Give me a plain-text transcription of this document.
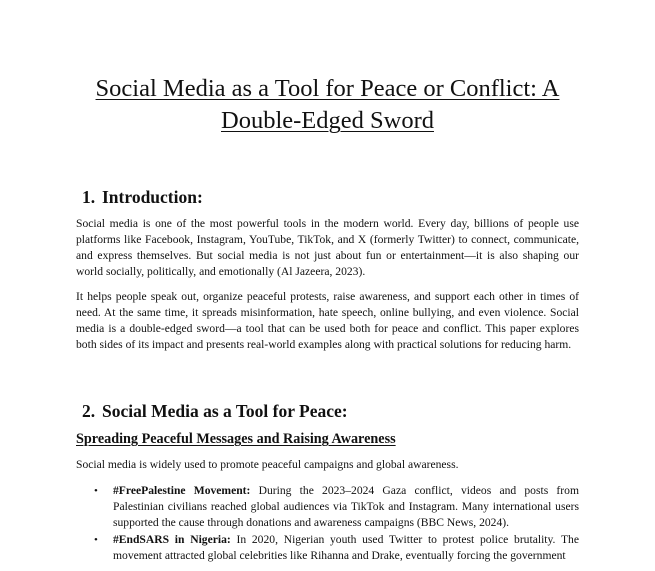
Social Media as a Tool for Peace or Conflict: A
Double-Edged Sword
1. Introduction:

Social media is one of the most powerful tools in the modern world. Every day, billions of people use platforms like Facebook, Instagram, YouTube, TikTok, and X (formerly Twitter) to connect, communicate, and express themselves. But social media is not just about fun or entertainment—it is also shaping our world socially, politically, and emotionally (Al Jazeera, 2023).

It helps people speak out, organize peaceful protests, raise awareness, and support each other in times of need. At the same time, it spreads misinformation, hate speech, online bullying, and even violence. Social media is a double-edged sword—a tool that can be used both for peace and conflict. This paper explores both sides of its impact and presents real-world examples along with practical solutions for reducing harm.

2. Social Media as a Tool for Peace:
Spreading Peaceful Messages and Raising Awareness

Social media is widely used to promote peaceful campaigns and global awareness.

• #FreePalestine Movement: During the 2023–2024 Gaza conflict, videos and posts from Palestinian civilians reached global audiences via TikTok and Instagram. Many international users supported the cause through donations and awareness campaigns (BBC News, 2024).
• #EndSARS in Nigeria: In 2020, Nigerian youth used Twitter to protest police brutality. The movement attracted global celebrities like Rihanna and Drake, eventually forcing the government
